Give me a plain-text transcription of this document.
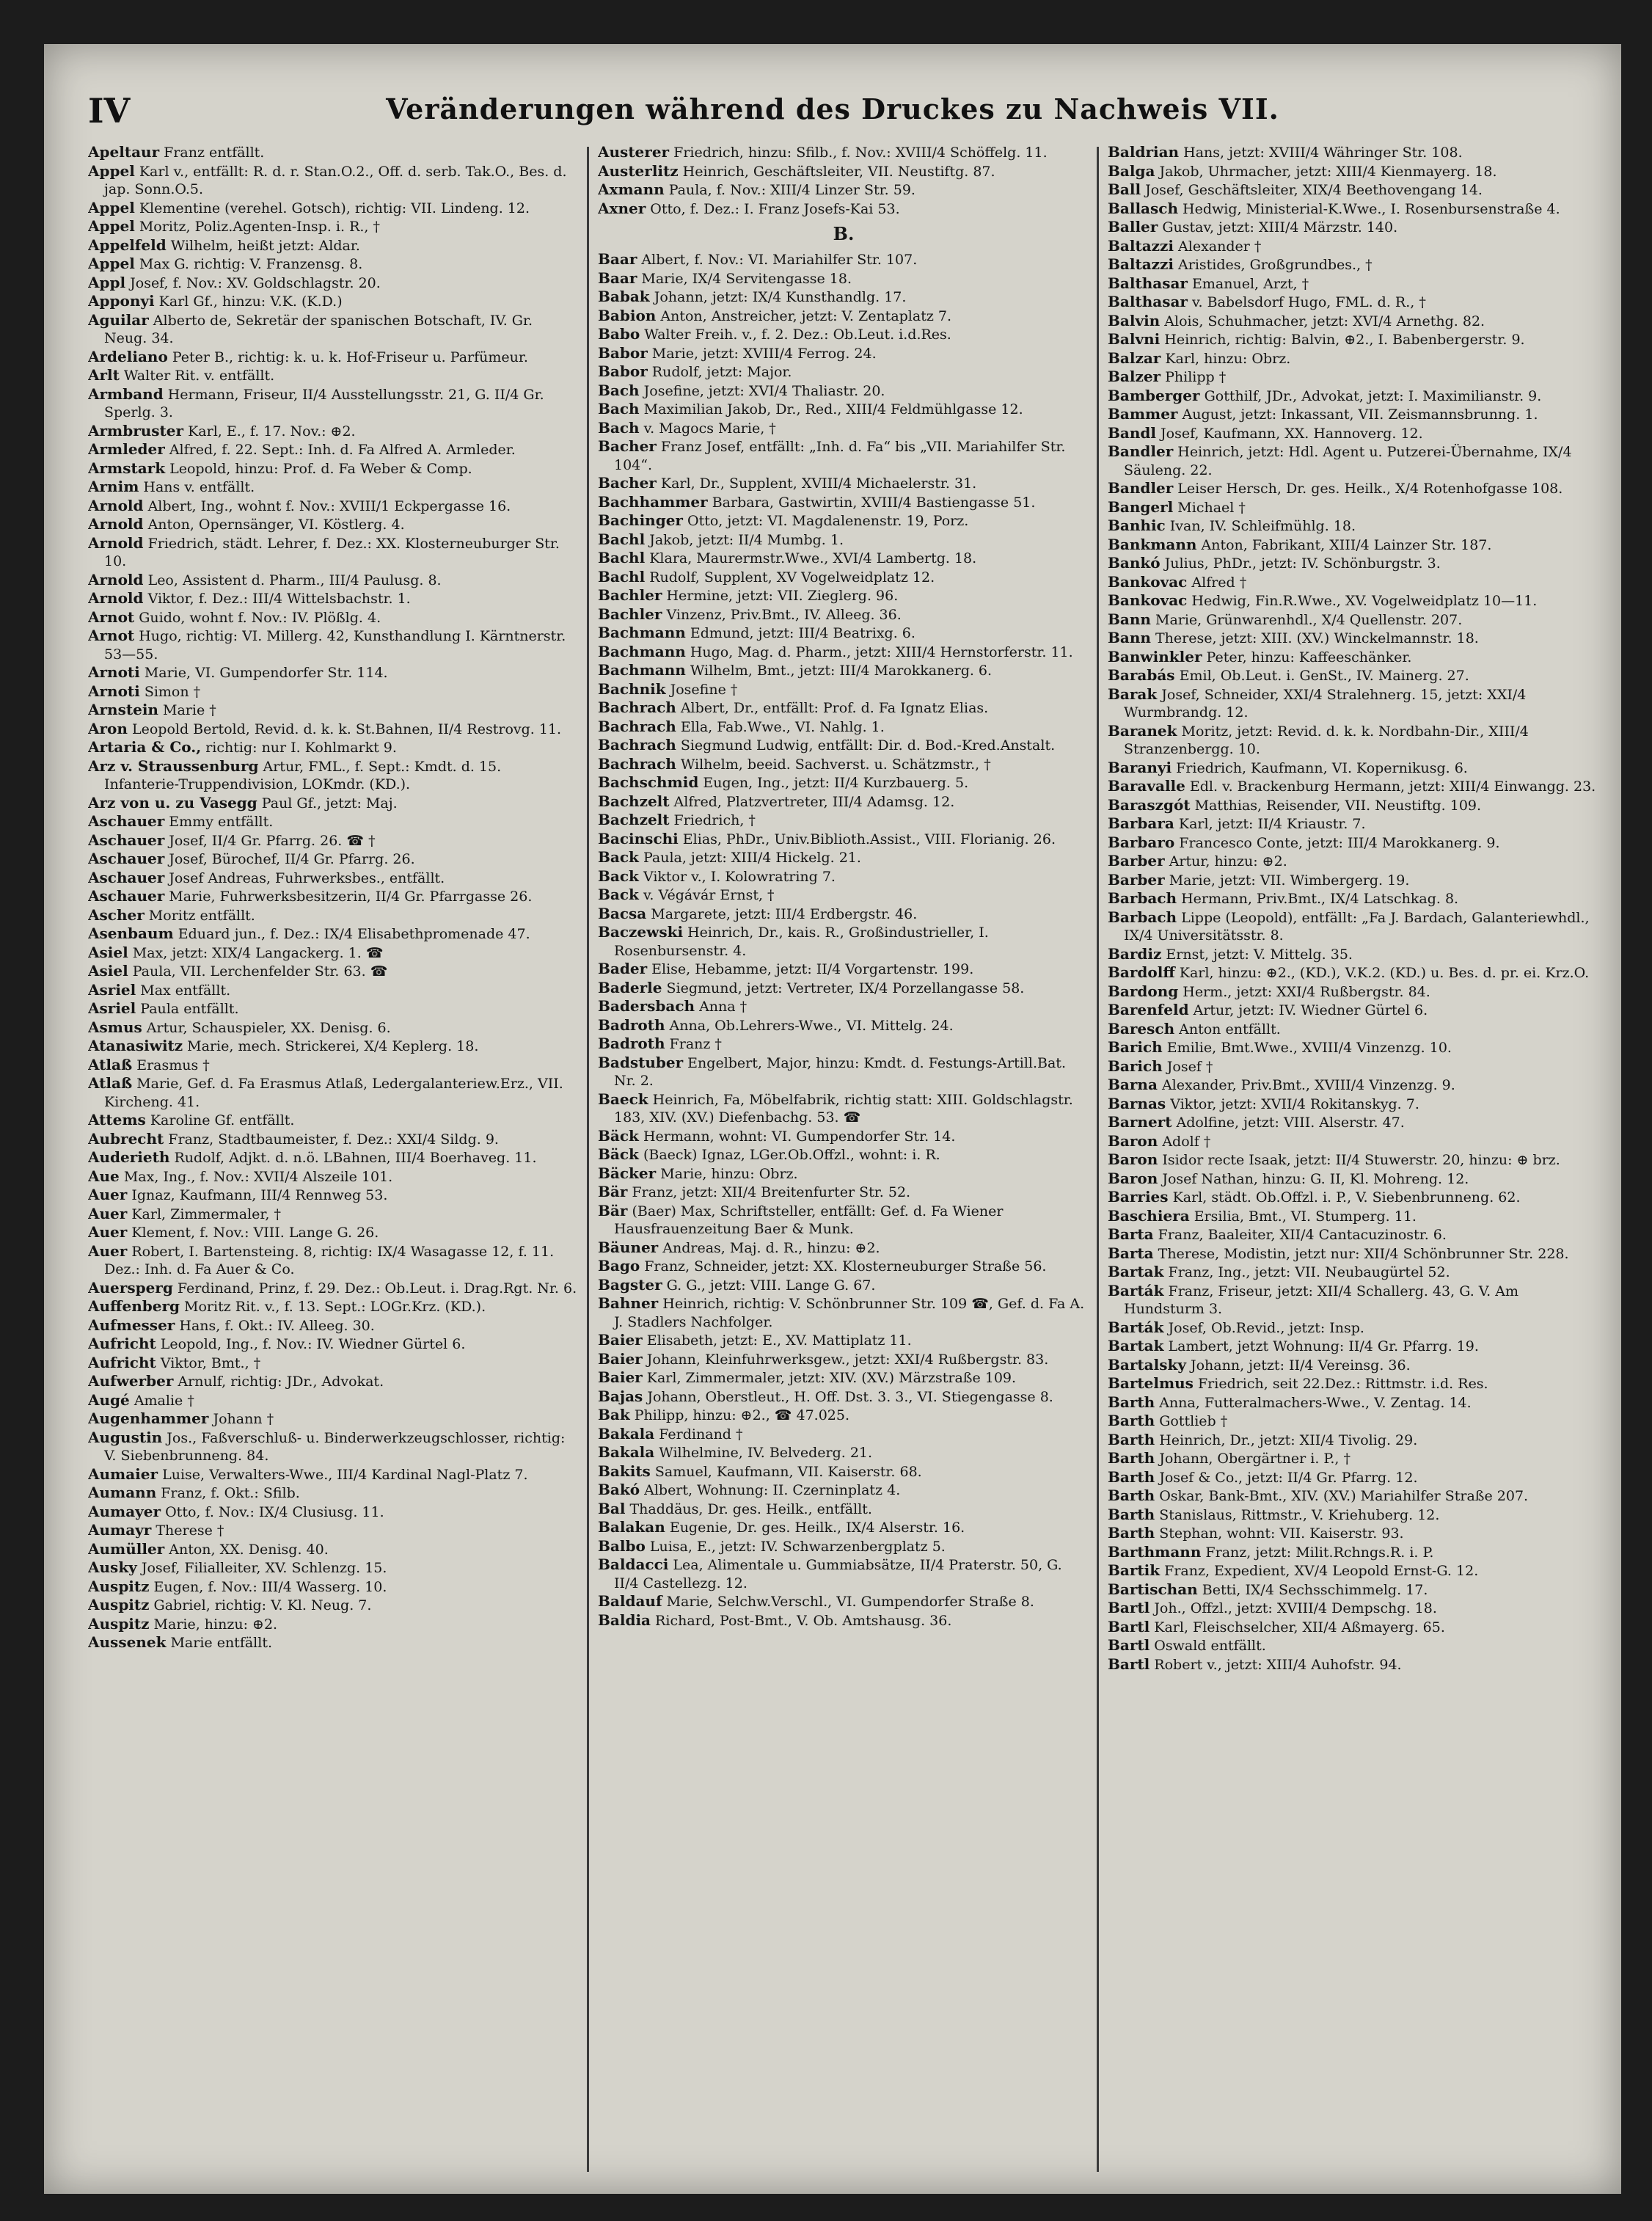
IV	Veränderungen während des Druckes zu Nachweis VII.
Apeltaur Franz entfällt.
Appel Karl v., entfällt: R. d. r. Stan.O.2., Off. d. serb. Tak.O., Bes. d. jap. Sonn.O.5.
Appel Klementine (verehel. Gotsch), richtig: VII. Lindeng. 12.
Appel Moritz, Poliz.Agenten-Insp. i. R., †
Appelfeld Wilhelm, heißt jetzt: Aldar.
Appel Max G. richtig: V. Franzensg. 8.
Appl Josef, f. Nov.: XV. Goldschlagstr. 20.
Apponyi Karl Gf., hinzu: V.K. (K.D.)
Aguilar Alberto de, Sekretär der spanischen Botschaft, IV. Gr. Neug. 34.
Ardeliano Peter B., richtig: k. u. k. Hof-Friseur u. Parfümeur.
Arlt Walter Rit. v. entfällt.
Armband Hermann, Friseur, II/4 Ausstellungsstr. 21, G. II/4 Gr. Sperlg. 3.
Armbruster Karl, E., f. 17. Nov.: ⊕2.
Armleder Alfred, f. 22. Sept.: Inh. d. Fa Alfred A. Armleder.
Armstark Leopold, hinzu: Prof. d. Fa Weber & Comp.
Arnim Hans v. entfällt.
Arnold Albert, Ing., wohnt f. Nov.: XVIII/1 Eckpergasse 16.
Arnold Anton, Opernsänger, VI. Köstlerg. 4.
Arnold Friedrich, städt. Lehrer, f. Dez.: XX. Klosterneuburger Str. 10.
Arnold Leo, Assistent d. Pharm., III/4 Paulusg. 8.
Arnold Viktor, f. Dez.: III/4 Wittelsbachstr. 1.
Arnot Guido, wohnt f. Nov.: IV. Plößlg. 4.
Arnot Hugo, richtig: VI. Millerg. 42, Kunsthandlung I. Kärntnerstr. 53—55.
Arnoti Marie, VI. Gumpendorfer Str. 114.
Arnoti Simon †
Arnstein Marie †
Aron Leopold Bertold, Revid. d. k. k. St.Bahnen, II/4 Restrovg. 11.
Artaria & Co., richtig: nur I. Kohlmarkt 9.
Arz v. Straussenburg Artur, FML., f. Sept.: Kmdt. d. 15. Infanterie-Truppendivision, LOKmdr. (KD.).
Arz von u. zu Vasegg Paul Gf., jetzt: Maj.
Aschauer Emmy entfällt.
Aschauer Josef, II/4 Gr. Pfarrg. 26. ☎ †
Aschauer Josef, Bürochef, II/4 Gr. Pfarrg. 26.
Aschauer Josef Andreas, Fuhrwerksbes., entfällt.
Aschauer Marie, Fuhrwerksbesitzerin, II/4 Gr. Pfarrgasse 26.
Ascher Moritz entfällt.
Asenbaum Eduard jun., f. Dez.: IX/4 Elisabethpromenade 47.
Asiel Max, jetzt: XIX/4 Langackerg. 1. ☎
Asiel Paula, VII. Lerchenfelder Str. 63. ☎
Asriel Max entfällt.
Asriel Paula entfällt.
Asmus Artur, Schauspieler, XX. Denisg. 6.
Atanasiwitz Marie, mech. Strickerei, X/4 Keplerg. 18.
Atlaß Erasmus †
Atlaß Marie, Gef. d. Fa Erasmus Atlaß, Ledergalanteriew.Erz., VII. Kircheng. 41.
Attems Karoline Gf. entfällt.
Aubrecht Franz, Stadtbaumeister, f. Dez.: XXI/4 Sildg. 9.
Auderieth Rudolf, Adjkt. d. n.ö. LBahnen, III/4 Boerhaveg. 11.
Aue Max, Ing., f. Nov.: XVII/4 Alszeile 101.
Auer Ignaz, Kaufmann, III/4 Rennweg 53.
Auer Karl, Zimmermaler, †
Auer Klement, f. Nov.: VIII. Lange G. 26.
Auer Robert, I. Bartensteing. 8, richtig: IX/4 Wasagasse 12, f. 11. Dez.: Inh. d. Fa Auer & Co.
Auersperg Ferdinand, Prinz, f. 29. Dez.: Ob.Leut. i. Drag.Rgt. Nr. 6.
Auffenberg Moritz Rit. v., f. 13. Sept.: LOGr.Krz. (KD.).
Aufmesser Hans, f. Okt.: IV. Alleeg. 30.
Aufricht Leopold, Ing., f. Nov.: IV. Wiedner Gürtel 6.
Aufricht Viktor, Bmt., †
Aufwerber Arnulf, richtig: JDr., Advokat.
Augé Amalie †
Augenhammer Johann †
Augustin Jos., Faßverschluß- u. Binderwerkzeugschlosser, richtig: V. Siebenbrunneng. 84.
Aumaier Luise, Verwalters-Wwe., III/4 Kardinal Nagl-Platz 7.
Aumann Franz, f. Okt.: Sfilb.
Aumayer Otto, f. Nov.: IX/4 Clusiusg. 11.
Aumayr Therese †
Aumüller Anton, XX. Denisg. 40.
Ausky Josef, Filialleiter, XV. Schlenzg. 15.
Auspitz Eugen, f. Nov.: III/4 Wasserg. 10.
Auspitz Gabriel, richtig: V. Kl. Neug. 7.
Auspitz Marie, hinzu: ⊕2.
Aussenek Marie entfällt.
Austerer Friedrich, hinzu: Sfilb., f. Nov.: XVIII/4 Schöffelg. 11.
Austerlitz Heinrich, Geschäftsleiter, VII. Neustiftg. 87.
Axmann Paula, f. Nov.: XIII/4 Linzer Str. 59.
Axner Otto, f. Dez.: I. Franz Josefs-Kai 53.
B.
Baar Albert, f. Nov.: VI. Mariahilfer Str. 107.
Baar Marie, IX/4 Servitengasse 18.
Babak Johann, jetzt: IX/4 Kunsthandlg. 17.
Babion Anton, Anstreicher, jetzt: V. Zentaplatz 7.
Babo Walter Freih. v., f. 2. Dez.: Ob.Leut. i.d.Res.
Babor Marie, jetzt: XVIII/4 Ferrog. 24.
Babor Rudolf, jetzt: Major.
Bach Josefine, jetzt: XVI/4 Thaliastr. 20.
Bach Maximilian Jakob, Dr., Red., XIII/4 Feldmühlgasse 12.
Bach v. Magocs Marie, †
Bacher Franz Josef, entfällt: „Inh. d. Fa“ bis „VII. Mariahilfer Str. 104“.
Bacher Karl, Dr., Supplent, XVIII/4 Michaelerstr. 31.
Bachhammer Barbara, Gastwirtin, XVIII/4 Bastiengasse 51.
Bachinger Otto, jetzt: VI. Magdalenenstr. 19, Porz.
Bachl Jakob, jetzt: II/4 Mumbg. 1.
Bachl Klara, Maurermstr.Wwe., XVI/4 Lambertg. 18.
Bachl Rudolf, Supplent, XV Vogelweidplatz 12.
Bachler Hermine, jetzt: VII. Zieglerg. 96.
Bachler Vinzenz, Priv.Bmt., IV. Alleeg. 36.
Bachmann Edmund, jetzt: III/4 Beatrixg. 6.
Bachmann Hugo, Mag. d. Pharm., jetzt: XIII/4 Hernstorferstr. 11.
Bachmann Wilhelm, Bmt., jetzt: III/4 Marokkanerg. 6.
Bachnik Josefine †
Bachrach Albert, Dr., entfällt: Prof. d. Fa Ignatz Elias.
Bachrach Ella, Fab.Wwe., VI. Nahlg. 1.
Bachrach Siegmund Ludwig, entfällt: Dir. d. Bod.-Kred.Anstalt.
Bachrach Wilhelm, beeid. Sachverst. u. Schätzmstr., †
Bachschmid Eugen, Ing., jetzt: II/4 Kurzbauerg. 5.
Bachzelt Alfred, Platzvertreter, III/4 Adamsg. 12.
Bachzelt Friedrich, †
Bacinschi Elias, PhDr., Univ.Biblioth.Assist., VIII. Florianig. 26.
Back Paula, jetzt: XIII/4 Hickelg. 21.
Back Viktor v., I. Kolowratring 7.
Back v. Végávár Ernst, †
Bacsa Margarete, jetzt: III/4 Erdbergstr. 46.
Baczewski Heinrich, Dr., kais. R., Großindustrieller, I. Rosenbursenstr. 4.
Bader Elise, Hebamme, jetzt: II/4 Vorgartenstr. 199.
Baderle Siegmund, jetzt: Vertreter, IX/4 Porzellangasse 58.
Badersbach Anna †
Badroth Anna, Ob.Lehrers-Wwe., VI. Mittelg. 24.
Badroth Franz †
Badstuber Engelbert, Major, hinzu: Kmdt. d. Festungs-Artill.Bat. Nr. 2.
Baeck Heinrich, Fa, Möbelfabrik, richtig statt: XIII. Goldschlagstr. 183, XIV. (XV.) Diefenbachg. 53. ☎
Bäck Hermann, wohnt: VI. Gumpendorfer Str. 14.
Bäck (Baeck) Ignaz, LGer.Ob.Offzl., wohnt: i. R.
Bäcker Marie, hinzu: Obrz.
Bär Franz, jetzt: XII/4 Breitenfurter Str. 52.
Bär (Baer) Max, Schriftsteller, entfällt: Gef. d. Fa Wiener Hausfrauenzeitung Baer & Munk.
Bäuner Andreas, Maj. d. R., hinzu: ⊕2.
Bago Franz, Schneider, jetzt: XX. Klosterneuburger Straße 56.
Bagster G. G., jetzt: VIII. Lange G. 67.
Bahner Heinrich, richtig: V. Schönbrunner Str. 109 ☎, Gef. d. Fa A. J. Stadlers Nachfolger.
Baier Elisabeth, jetzt: E., XV. Mattiplatz 11.
Baier Johann, Kleinfuhrwerksgew., jetzt: XXI/4 Rußbergstr. 83.
Baier Karl, Zimmermaler, jetzt: XIV. (XV.) Märzstraße 109.
Bajas Johann, Oberstleut., H. Off. Dst. 3. 3., VI. Stiegengasse 8.
Bak Philipp, hinzu: ⊕2., ☎ 47.025.
Bakala Ferdinand †
Bakala Wilhelmine, IV. Belvederg. 21.
Bakits Samuel, Kaufmann, VII. Kaiserstr. 68.
Bakó Albert, Wohnung: II. Czerninplatz 4.
Bal Thaddäus, Dr. ges. Heilk., entfällt.
Balakan Eugenie, Dr. ges. Heilk., IX/4 Alserstr. 16.
Balbo Luisa, E., jetzt: IV. Schwarzenbergplatz 5.
Baldacci Lea, Alimentale u. Gummiabsätze, II/4 Praterstr. 50, G. II/4 Castellezg. 12.
Baldauf Marie, Selchw.Verschl., VI. Gumpendorfer Straße 8.
Baldia Richard, Post-Bmt., V. Ob. Amtshausg. 36.
Baldrian Hans, jetzt: XVIII/4 Währinger Str. 108.
Balga Jakob, Uhrmacher, jetzt: XIII/4 Kienmayerg. 18.
Ball Josef, Geschäftsleiter, XIX/4 Beethovengang 14.
Ballasch Hedwig, Ministerial-K.Wwe., I. Rosenbursenstraße 4.
Baller Gustav, jetzt: XIII/4 Märzstr. 140.
Baltazzi Alexander †
Baltazzi Aristides, Großgrundbes., †
Balthasar Emanuel, Arzt, †
Balthasar v. Babelsdorf Hugo, FML. d. R., †
Balvin Alois, Schuhmacher, jetzt: XVI/4 Arnethg. 82.
Balvni Heinrich, richtig: Balvin, ⊕2., I. Babenbergerstr. 9.
Balzar Karl, hinzu: Obrz.
Balzer Philipp †
Bamberger Gotthilf, JDr., Advokat, jetzt: I. Maximilianstr. 9.
Bammer August, jetzt: Inkassant, VII. Zeismannsbrunng. 1.
Bandl Josef, Kaufmann, XX. Hannoverg. 12.
Bandler Heinrich, jetzt: Hdl. Agent u. Putzerei-Übernahme, IX/4 Säuleng. 22.
Bandler Leiser Hersch, Dr. ges. Heilk., X/4 Rotenhofgasse 108.
Bangerl Michael †
Banhic Ivan, IV. Schleifmühlg. 18.
Bankmann Anton, Fabrikant, XIII/4 Lainzer Str. 187.
Bankó Julius, PhDr., jetzt: IV. Schönburgstr. 3.
Bankovac Alfred †
Bankovac Hedwig, Fin.R.Wwe., XV. Vogelweidplatz 10—11.
Bann Marie, Grünwarenhdl., X/4 Quellenstr. 207.
Bann Therese, jetzt: XIII. (XV.) Winckelmannstr. 18.
Banwinkler Peter, hinzu: Kaffeeschänker.
Barabás Emil, Ob.Leut. i. GenSt., IV. Mainerg. 27.
Barak Josef, Schneider, XXI/4 Stralehnerg. 15, jetzt: XXI/4 Wurmbrandg. 12.
Baranek Moritz, jetzt: Revid. d. k. k. Nordbahn-Dir., XIII/4 Stranzenbergg. 10.
Baranyi Friedrich, Kaufmann, VI. Kopernikusg. 6.
Baravalle Edl. v. Brackenburg Hermann, jetzt: XIII/4 Einwangg. 23.
Baraszgót Matthias, Reisender, VII. Neustiftg. 109.
Barbara Karl, jetzt: II/4 Kriaustr. 7.
Barbaro Francesco Conte, jetzt: III/4 Marokkanerg. 9.
Barber Artur, hinzu: ⊕2.
Barber Marie, jetzt: VII. Wimbergerg. 19.
Barbach Hermann, Priv.Bmt., IX/4 Latschkag. 8.
Barbach Lippe (Leopold), entfällt: „Fa J. Bardach, Galanteriewhdl., IX/4 Universitätsstr. 8.
Bardiz Ernst, jetzt: V. Mittelg. 35.
Bardolff Karl, hinzu: ⊕2., (KD.), V.K.2. (KD.) u. Bes. d. pr. ei. Krz.O.
Bardong Herm., jetzt: XXI/4 Rußbergstr. 84.
Barenfeld Artur, jetzt: IV. Wiedner Gürtel 6.
Baresch Anton entfällt.
Barich Emilie, Bmt.Wwe., XVIII/4 Vinzenzg. 10.
Barich Josef †
Barna Alexander, Priv.Bmt., XVIII/4 Vinzenzg. 9.
Barnas Viktor, jetzt: XVII/4 Rokitanskyg. 7.
Barnert Adolfine, jetzt: VIII. Alserstr. 47.
Baron Adolf †
Baron Isidor recte Isaak, jetzt: II/4 Stuwerstr. 20, hinzu: ⊕ brz.
Baron Josef Nathan, hinzu: G. II, Kl. Mohreng. 12.
Barries Karl, städt. Ob.Offzl. i. P., V. Siebenbrunneng. 62.
Baschiera Ersilia, Bmt., VI. Stumperg. 11.
Barta Franz, Baaleiter, XII/4 Cantacuzinostr. 6.
Barta Therese, Modistin, jetzt nur: XII/4 Schönbrunner Str. 228.
Bartak Franz, Ing., jetzt: VII. Neubaugürtel 52.
Barták Franz, Friseur, jetzt: XII/4 Schallerg. 43, G. V. Am Hundsturm 3.
Barták Josef, Ob.Revid., jetzt: Insp.
Bartak Lambert, jetzt Wohnung: II/4 Gr. Pfarrg. 19.
Bartalsky Johann, jetzt: II/4 Vereinsg. 36.
Bartelmus Friedrich, seit 22.Dez.: Rittmstr. i.d. Res.
Barth Anna, Futteralmachers-Wwe., V. Zentag. 14.
Barth Gottlieb †
Barth Heinrich, Dr., jetzt: XII/4 Tivolig. 29.
Barth Johann, Obergärtner i. P., †
Barth Josef & Co., jetzt: II/4 Gr. Pfarrg. 12.
Barth Oskar, Bank-Bmt., XIV. (XV.) Mariahilfer Straße 207.
Barth Stanislaus, Rittmstr., V. Kriehuberg. 12.
Barth Stephan, wohnt: VII. Kaiserstr. 93.
Barthmann Franz, jetzt: Milit.Rchngs.R. i. P.
Bartik Franz, Expedient, XV/4 Leopold Ernst-G. 12.
Bartischan Betti, IX/4 Sechsschimmelg. 17.
Bartl Joh., Offzl., jetzt: XVIII/4 Dempschg. 18.
Bartl Karl, Fleischselcher, XII/4 Aßmayerg. 65.
Bartl Oswald entfällt.
Bartl Robert v., jetzt: XIII/4 Auhofstr. 94.
